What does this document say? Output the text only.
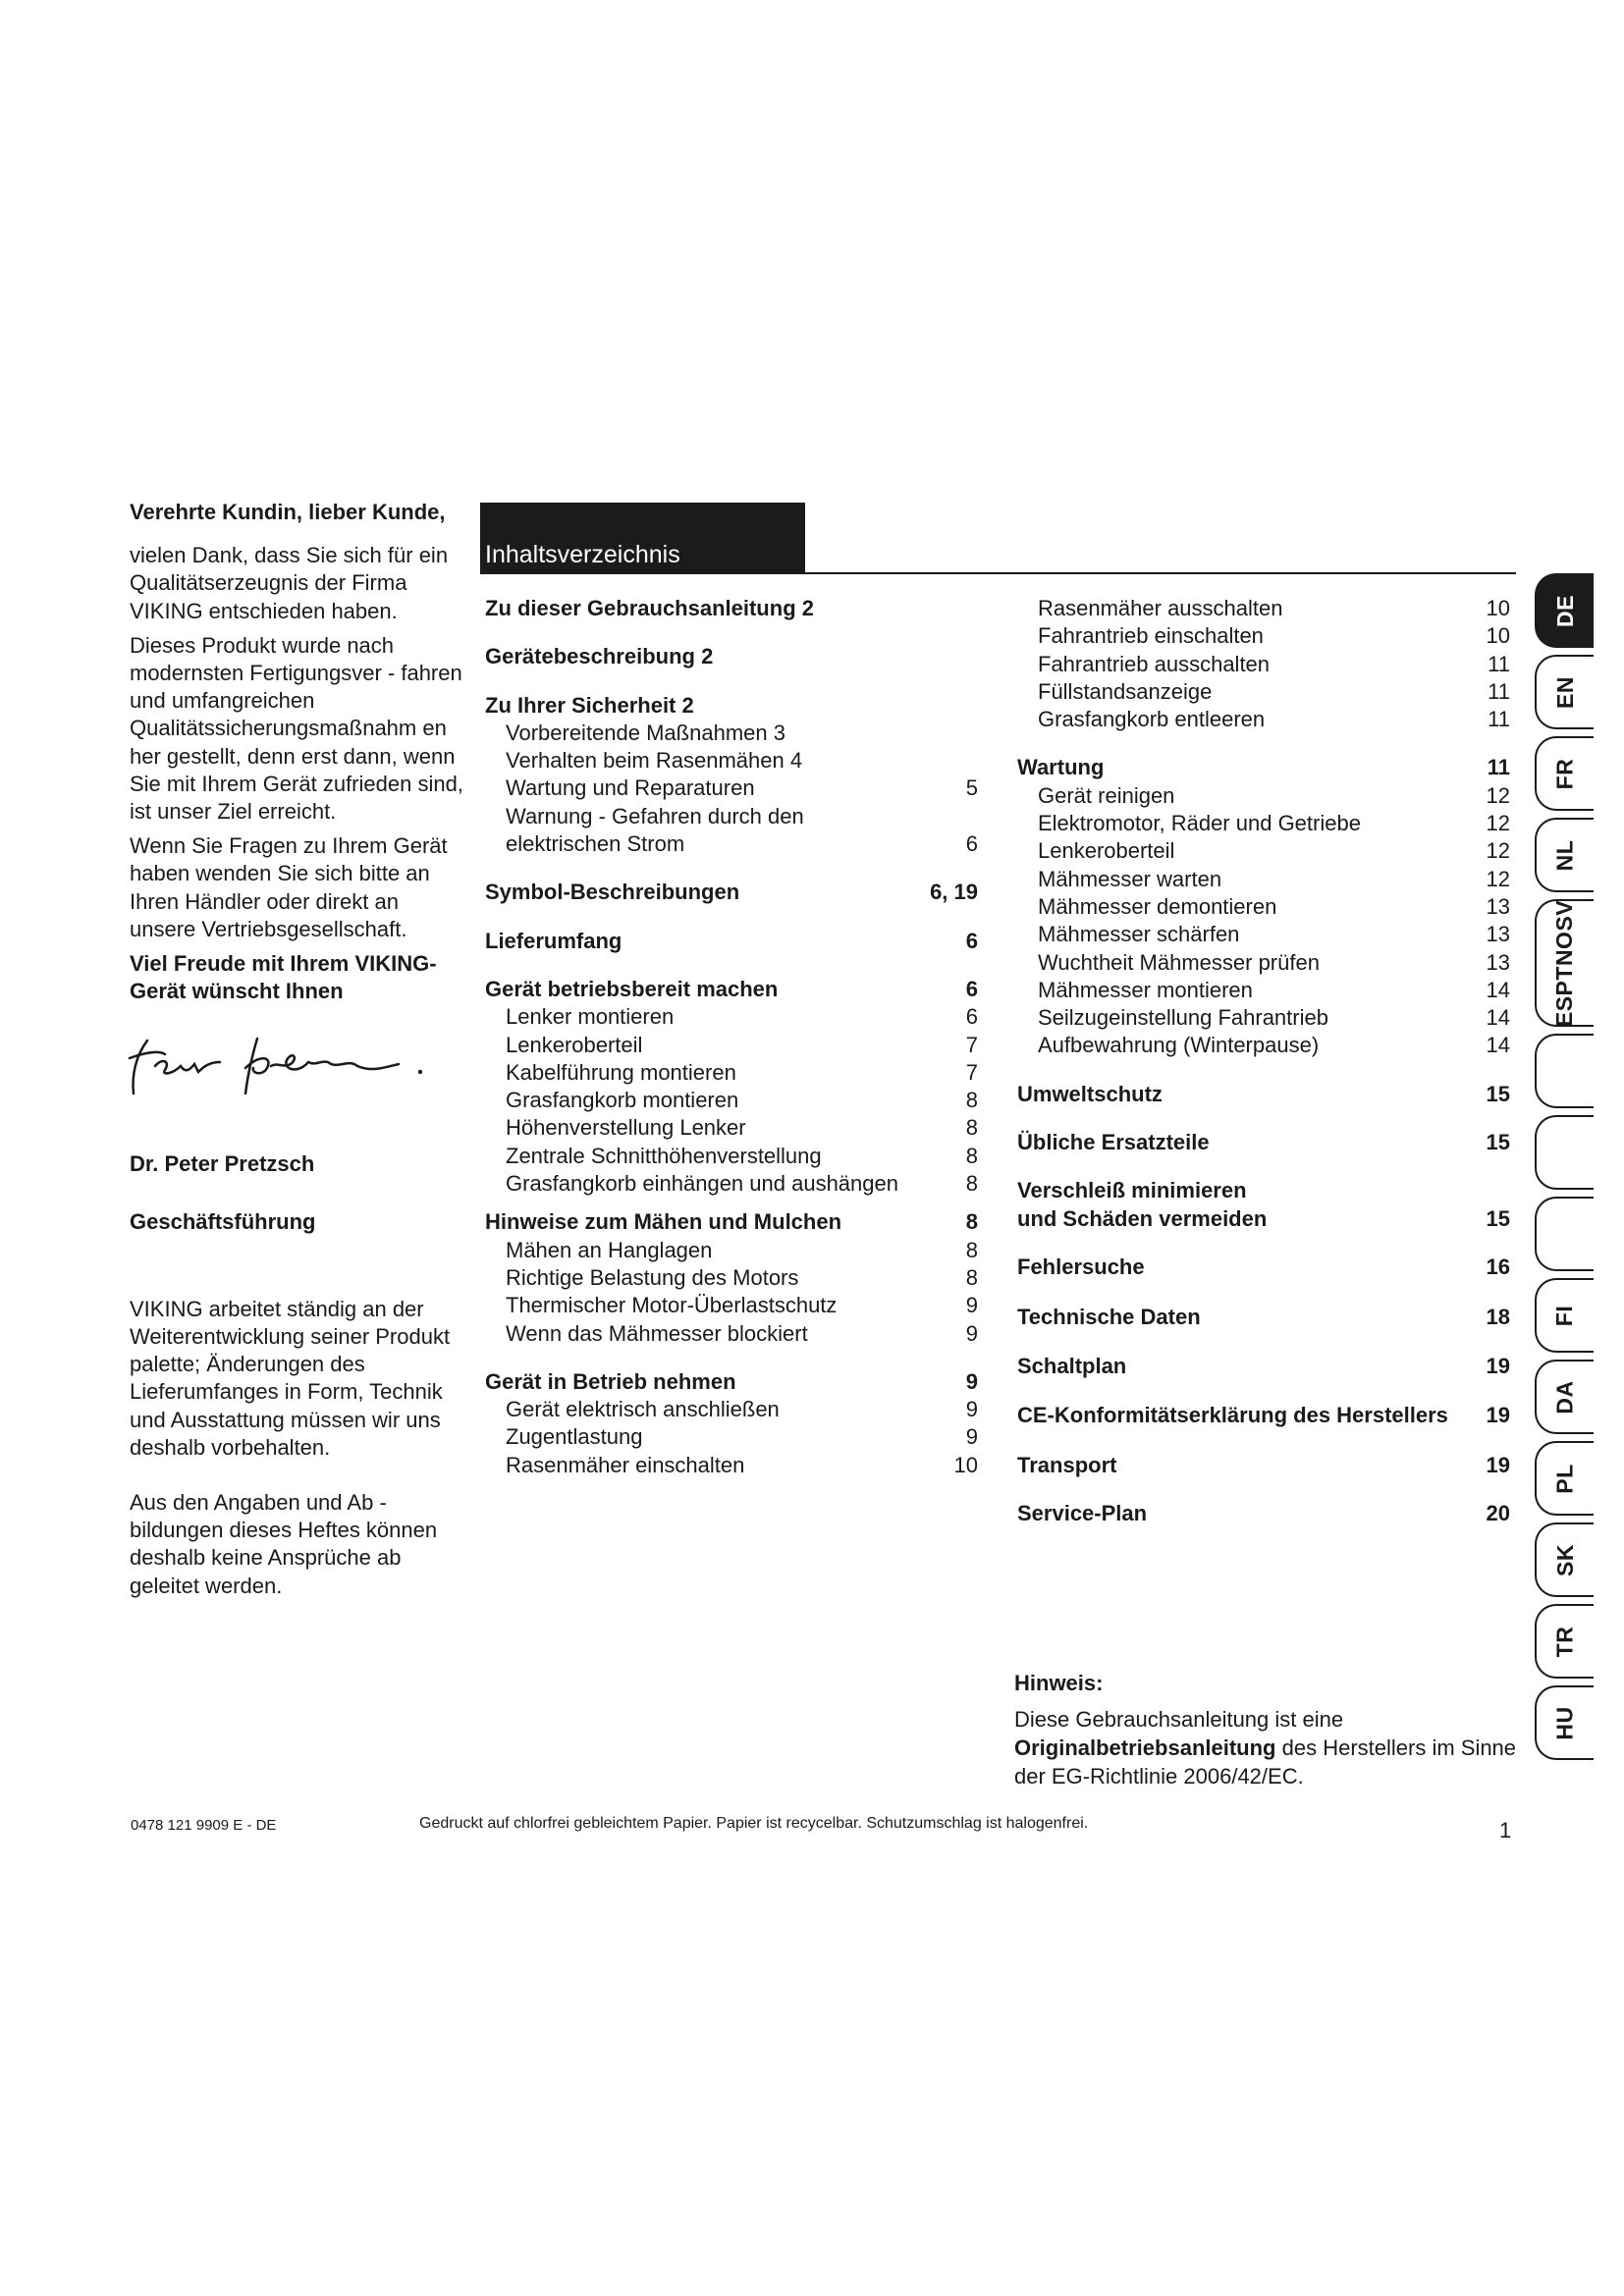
Verehrte Kundin, lieber Kunde,

vielen Dank, dass Sie sich für ein Qualitätserzeugnis der Firma VIKING entschieden haben.

Dieses Produkt wurde nach modernsten Fertigungsver - fahren und umfangreichen Qualitätssicherungsmaßnahm en her gestellt, denn erst dann, wenn Sie mit Ihrem Gerät zufrieden sind, ist unser Ziel erreicht.

Wenn Sie Fragen zu Ihrem Gerät haben wenden Sie sich bitte an Ihren Händler oder direkt an unsere Vertriebsgesellschaft.

Viel Freude mit Ihrem VIKING-Gerät wünscht Ihnen

Dr. Peter Pretzsch

Geschäftsführung

VIKING arbeitet ständig an der Weiterentwicklung seiner Produkt palette; Änderungen des Lieferumfanges in Form, Technik und Ausstattung müssen wir uns deshalb vorbehalten.

Aus den Angaben und Ab - bildungen dieses Heftes können deshalb keine Ansprüche ab geleitet werden.

Inhaltsverzeichnis
Zu dieser Gebrauchsanleitung 2
Gerätebeschreibung 2
Zu Ihrer Sicherheit 2
Vorbereitende Maßnahmen 3
Verhalten beim Rasenmähen 4
Wartung und Reparaturen	5
Warnung - Gefahren durch den
elektrischen Strom	6
Symbol-Beschreibungen	6, 19
Lieferumfang	6
Gerät betriebsbereit machen	6
Lenker montieren	6
Lenkeroberteil	7
Kabelführung montieren	7
Grasfangkorb montieren	8
Höhenverstellung Lenker	8
Zentrale Schnitthöhenverstellung	8
Grasfangkorb einhängen und aushängen	8
Hinweise zum Mähen und Mulchen	8
Mähen an Hanglagen	8
Richtige Belastung des Motors	8
Thermischer Motor-Überlastschutz	9
Wenn das Mähmesser blockiert	9
Gerät in Betrieb nehmen	9
Gerät elektrisch anschließen	9
Zugentlastung	9
Rasenmäher einschalten	10
Rasenmäher ausschalten	10
Fahrantrieb einschalten	10
Fahrantrieb ausschalten	11
Füllstandsanzeige	11
Grasfangkorb entleeren	11
Wartung	11
Gerät reinigen	12
Elektromotor, Räder und Getriebe	12
Lenkeroberteil	12
Mähmesser warten	12
Mähmesser demontieren	13
Mähmesser schärfen	13
Wuchtheit Mähmesser prüfen	13
Mähmesser montieren	14
Seilzugeinstellung Fahrantrieb	14
Aufbewahrung (Winterpause)	14
Umweltschutz	15
Übliche Ersatzteile	15
Verschleiß minimieren
und Schäden vermeiden	15
Fehlersuche	16
Technische Daten	18
Schaltplan	19
CE-Konformitätserklärung des Herstellers 19
Transport	19
Service-Plan	20

Hinweis:

Diese Gebrauchsanleitung ist eine
Originalbetriebsanleitung des Herstellers im Sinne der EG-Richtlinie 2006/42/EC.

0478 121 9909 E - DE	Gedruckt auf chlorfrei gebleichtem Papier. Papier ist recycelbar. Schutzumschlag ist halogenfrei.	1
DE
EN
FR
NL
ESPTNOSV
FI
DA
PL
SK
TR
HU
